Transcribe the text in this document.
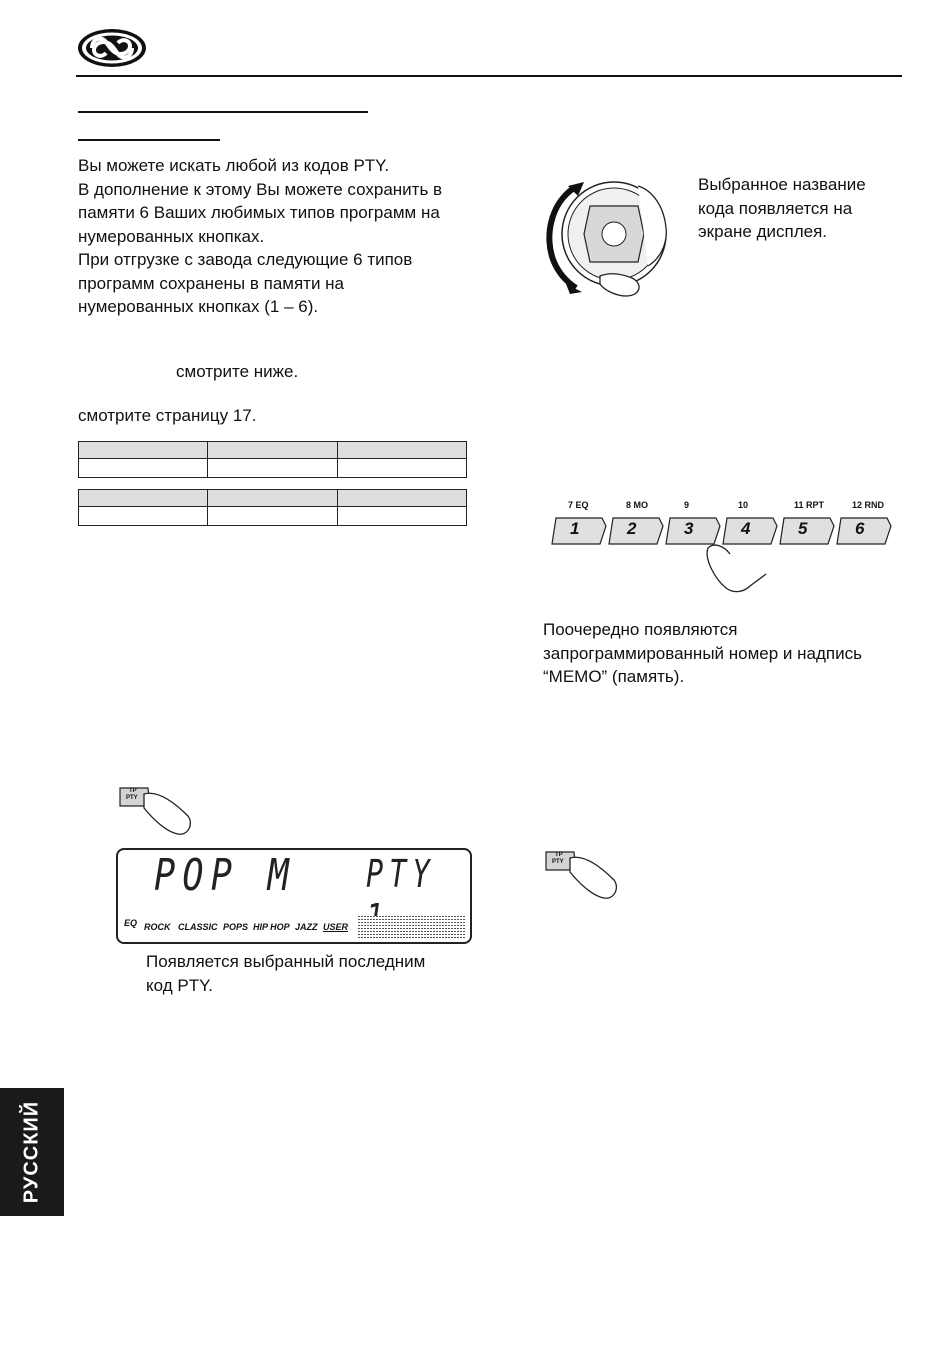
Вы можете искать любой из кодов PTY.

В дополнение к этому Вы можете сохранить в

памяти 6 Ваших любимых типов программ на

нумерованных кнопках.

При отгрузке с завода следующие 6 типов

программ сохранены в памяти на

нумерованных кнопках (1 – 6).

смотрите ниже.

смотрите страницу 17.

Выбранное название

кода появляется на

экране дисплея.

7 EQ	8 MO	9	10	11 RPT	12 RND
1	2	3	4	5	6

Поочередно появляются

запрограммированный номер и надпись

“MEMO” (память).

TP
PTY
POP M PTY
EQ ROCK CLASSIC POPS HIP HOP JAZZ USER

Появляется выбранный последним

код PTY.

TP
PTY
РУССКИЙ
